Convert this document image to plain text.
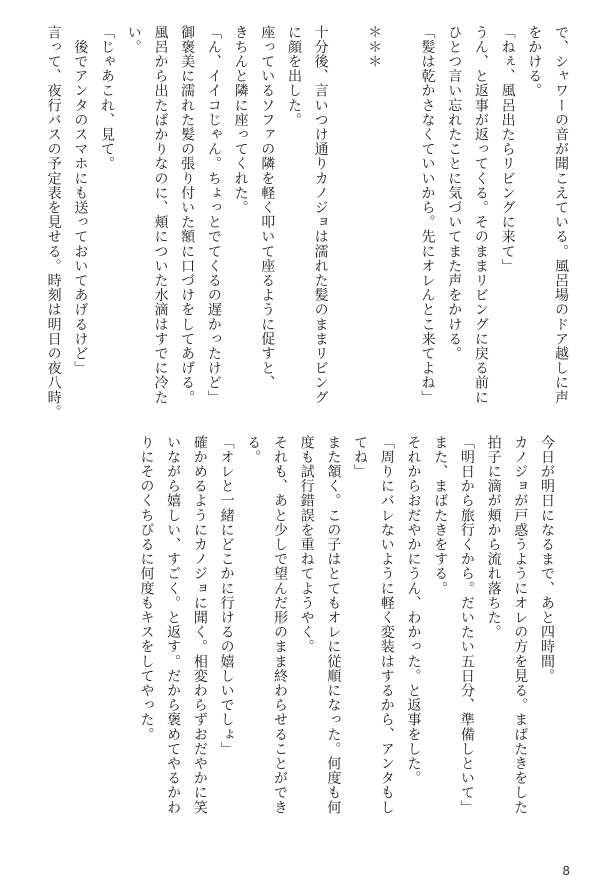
で、シャワーの音が聞こえている。風呂場のドア越しに声
をかける。
「ねぇ、風呂出たらリビングに来て」
うん、と返事が返ってくる。そのままリビングに戻る前に
ひとつ言い忘れたことに気づいてまた声をかける。
「髪は乾かさなくていいから。先にオレんとこ来てよね」

＊＊＊

十分後、言いつけ通りカノジョは濡れた髪のままリビング
に顔を出した。
座っているソファの隣を軽く叩いて座るように促すと、
きちんと隣に座ってくれた。
「ん、イイコじゃん。ちょっとでてくるの遅かったけど」
御褒美に濡れた髪の張り付いた額に口づけをしてあげる。
風呂から出たばかりなのに、頬についた水滴はすでに冷た
い。
「じゃあこれ、見て。
　後でアンタのスマホにも送っておいてあげるけど」
言って、夜行バスの予定表を見せる。時刻は明日の夜八時。
今日が明日になるまで、あと四時間。
カノジョが戸惑うようにオレの方を見る。まばたきをした
拍子に滴が頬から流れ落ちた。
「明日から旅行くから。だいたい五日分、準備しといて」
また、まばたきをする。
それからおだやかにうん、わかった。と返事をした。
「周りにバレないように軽く変装はするから、アンタもし
てね」
また頷く。この子はとてもオレに従順になった。何度も何
度も試行錯誤を重ねてようやく。
それも、あと少しで望んだ形のまま終わらせることができ
る。
「オレと一緒にどこかに行けるの嬉しいでしょ」
確かめるようにカノジョに聞く。相変わらずおだやかに笑
いながら嬉しい、すごく。と返す。だから褒めてやるかわ
りにそのくちびるに何度もキスをしてやった。
8
